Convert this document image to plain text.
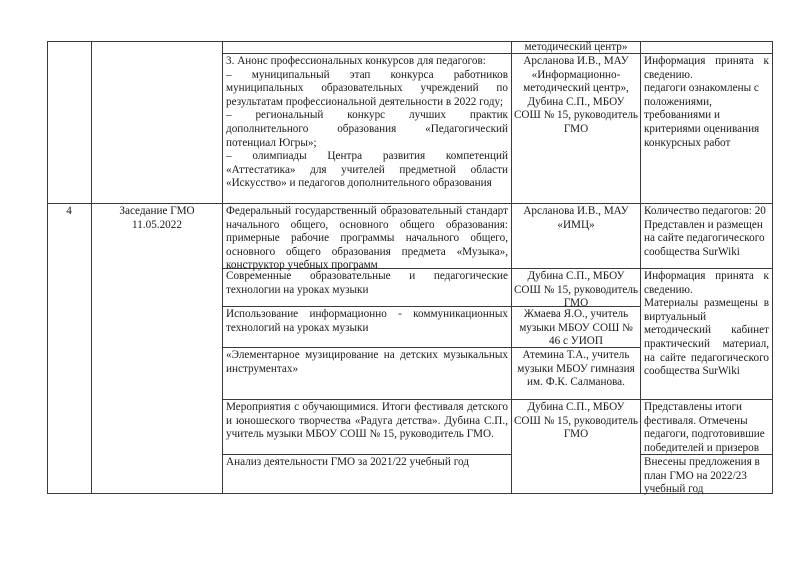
методический центр»
3. Анонс профессиональных конкурсов для педагогов:
– муниципальный этап конкурса работников муниципальных образовательных учреждений по результатам профессиональной деятельности в 2022 году;
– региональный конкурс лучших практик дополнительного образования «Педагогический потенциал Югры»;
– олимпиады Центра развития компетенций «Аттестатика» для учителей предметной области «Искусство» и педагогов дополнительного образования
Арсланова И.В., МАУ «Информационно-методический центр», Дубина С.П., МБОУ СОШ № 15, руководитель ГМО
Информация принята к сведению.
педагоги ознакомлены с положениями, требованиями и критериями оценивания конкурсных работ
4	Заседание ГМО
11.05.2022
Федеральный государственный образовательный стандарт начального общего, основного общего образования: примерные рабочие программы начального общего, основного общего образования предмета «Музыка», конструктор учебных программ
Арсланова И.В., МАУ «ИМЦ»
Количество педагогов: 20 Представлен и размещен на сайте педагогического сообщества SurWiki
Современные образовательные и педагогические технологии на уроках музыки
Дубина С.П., МБОУ СОШ № 15, руководитель ГМО
Информация принята к сведению.
Материалы размещены в виртуальный методический кабинет практический материал, на сайте педагогического сообщества SurWiki
Использование информационно - коммуникационных технологий на уроках музыки
Жмаева Я.О., учитель музыки МБОУ СОШ № 46 с УИОП
«Элементарное музицирование на детских музыкальных инструментах»
Атемина Т.А., учитель музыки МБОУ гимназия им. Ф.К. Салманова.
Мероприятия с обучающимися. Итоги фестиваля детского и юношеского творчества «Радуга детства». Дубина С.П., учитель музыки МБОУ СОШ № 15, руководитель ГМО.
Дубина С.П., МБОУ СОШ № 15, руководитель ГМО
Представлены итоги фестиваля. Отмечены педагоги, подготовившие победителей и призеров
Анализ деятельности ГМО за 2021/22 учебный год	Внесены предложения в план ГМО на 2022/23 учебный год
